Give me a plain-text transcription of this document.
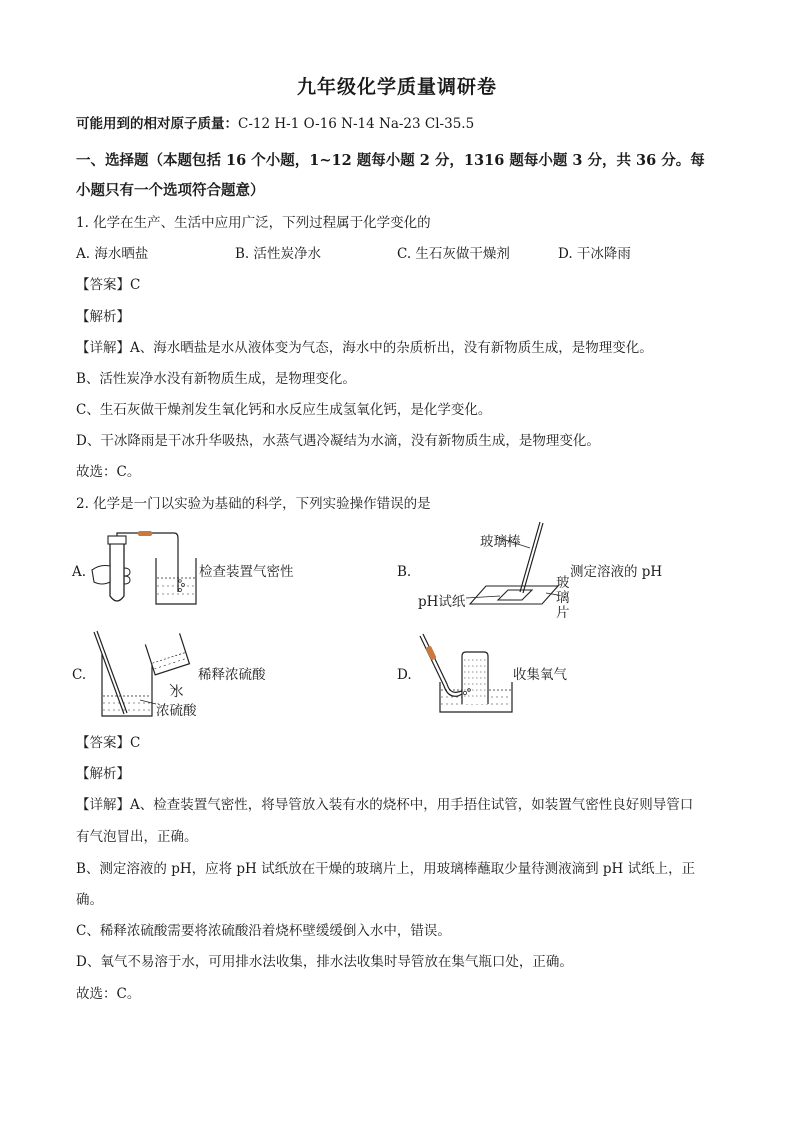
九年级化学质量调研卷
可能用到的相对原子质量：C-12 H-1 O-16 N-14 Na-23 Cl-35.5
一、选择题（本题包括 16 个小题，1~12 题每小题 2 分，1316 题每小题 3 分，共 36 分。每
小题只有一个选项符合题意）
1. 化学在生产、生活中应用广泛，下列过程属于化学变化的
A. 海水晒盐	B. 活性炭净水	C. 生石灰做干燥剂	D. 干冰降雨
【答案】C
【解析】
【详解】A、海水晒盐是水从液体变为气态，海水中的杂质析出，没有新物质生成，是物理变化。
B、活性炭净水没有新物质生成，是物理变化。
C、生石灰做干燥剂发生氧化钙和水反应生成氢氧化钙，是化学变化。
D、干冰降雨是干冰升华吸热，水蒸气遇冷凝结为水滴，没有新物质生成，是物理变化。
故选：C。
2. 化学是一门以实验为基础的科学，下列实验操作错误的是
A.	检查装置气密性	B.
玻璃棒
pH试纸
玻
璃
片
测定溶液的 pH
C.
水
浓硫酸
稀释浓硫酸	D.	收集氧气
【答案】C
【解析】
【详解】A、检查装置气密性，将导管放入装有水的烧杯中，用手捂住试管，如装置气密性良好则导管口
有气泡冒出，正确。
B、测定溶液的 pH，应将 pH 试纸放在干燥的玻璃片上，用玻璃棒蘸取少量待测液滴到 pH 试纸上，正
确。
C、稀释浓硫酸需要将浓硫酸沿着烧杯壁缓缓倒入水中，错误。
D、氧气不易溶于水，可用排水法收集，排水法收集时导管放在集气瓶口处，正确。
故选：C。
